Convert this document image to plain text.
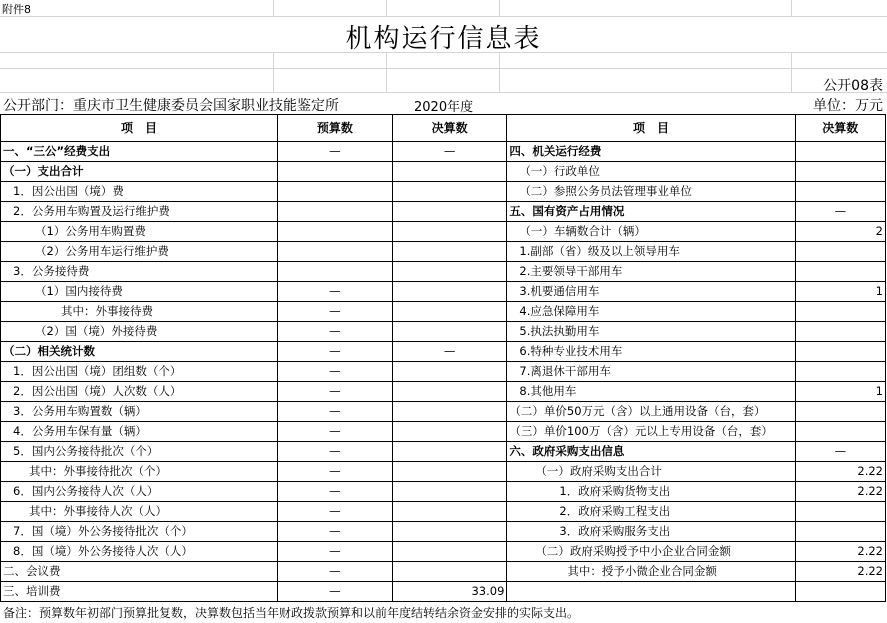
附件8
机构运行信息表
公开08表
公开部门：重庆市卫生健康委员会国家职业技能鉴定所	2020年度	单位：万元
项　目	预算数	决算数	项　目	决算数
一、“三公”经费支出	—	—	四、机关运行经费	
（一）支出合计			（一）行政单位	
1．因公出国（境）费			（二）参照公务员法管理事业单位	
2．公务用车购置及运行维护费			五、国有资产占用情况	—
（1）公务用车购置费			（一）车辆数合计（辆）	2
（2）公务用车运行维护费			1.副部（省）级及以上领导用车	
3．公务接待费			2.主要领导干部用车	
（1）国内接待费	—		3.机要通信用车	1
其中：外事接待费	—		4.应急保障用车	
（2）国（境）外接待费	—		5.执法执勤用车	
（二）相关统计数	—	—	6.特种专业技术用车	
1．因公出国（境）团组数（个）	—		7.离退休干部用车	
2．因公出国（境）人次数（人）	—		8.其他用车	1
3．公务用车购置数（辆）	—		（二）单价50万元（含）以上通用设备（台，套）	
4．公务用车保有量（辆）	—		（三）单价100万（含）元以上专用设备（台，套）	
5．国内公务接待批次（个）	—		六、政府采购支出信息	—
其中：外事接待批次（个）	—		（一）政府采购支出合计	2.22
6．国内公务接待人次（人）	—		1．政府采购货物支出	2.22
其中：外事接待人次（人）	—		2．政府采购工程支出	
7．国（境）外公务接待批次（个）	—		3．政府采购服务支出	
8．国（境）外公务接待人次（人）	—		（二）政府采购授予中小企业合同金额	2.22
二、会议费	—		其中：授予小微企业合同金额	2.22
三、培训费	—	33.09		
备注：预算数年初部门预算批复数，决算数包括当年财政拨款预算和以前年度结转结余资金安排的实际支出。
